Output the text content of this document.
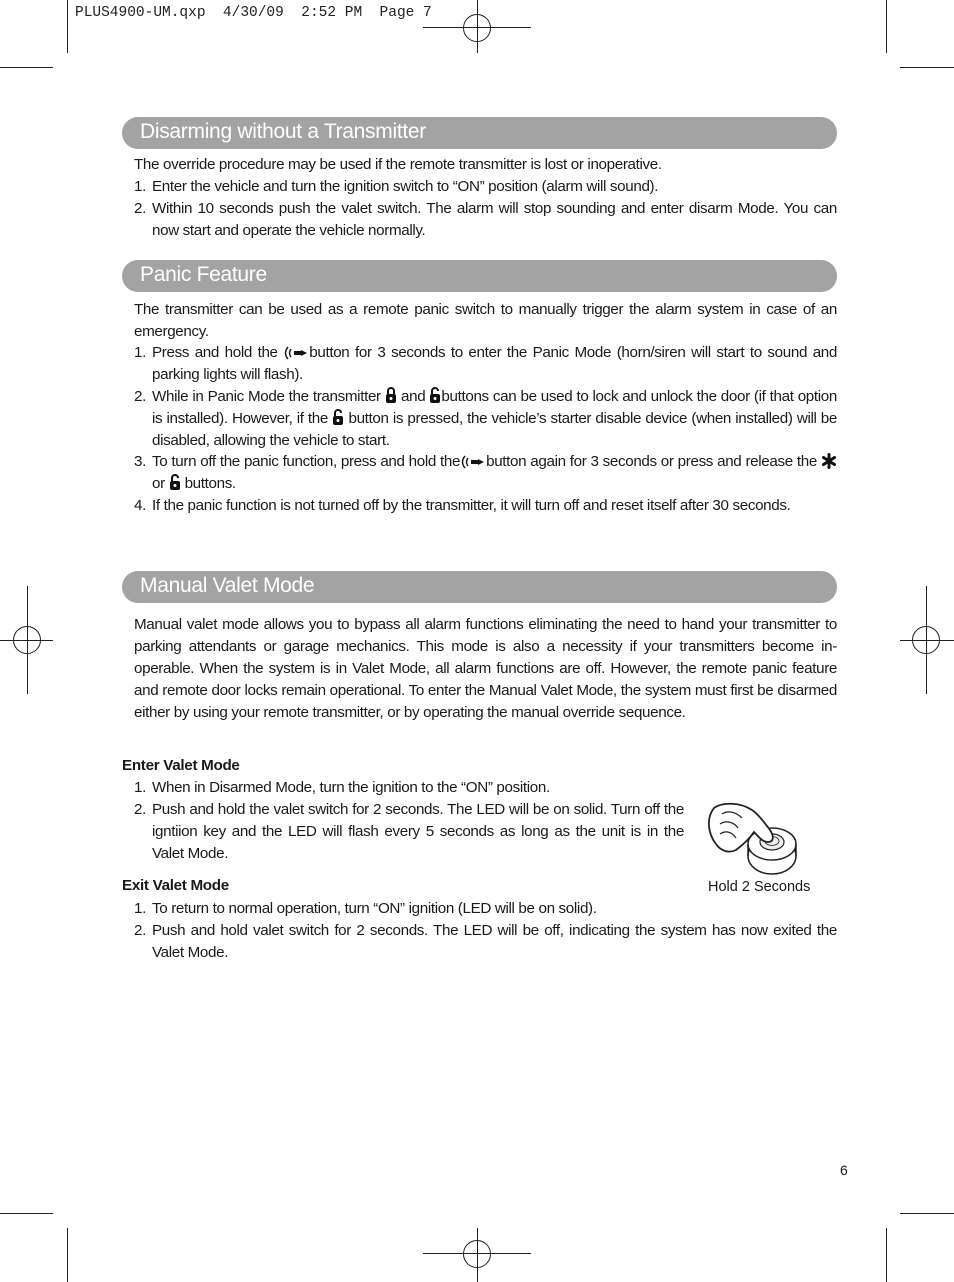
PLUS4900-UM.qxp  4/30/09  2:52 PM  Page 7
Disarming without a Transmitter
The override procedure may be used if the remote transmitter is lost or inoperative.
1. Enter the vehicle and turn the ignition switch to “ON” position (alarm will sound).
2. Within 10 seconds push the valet switch. The alarm will stop sounding and enter disarm Mode. You can now start and operate the vehicle normally.
Panic Feature
The transmitter can be used as a remote panic switch to manually trigger the alarm system in case of an emergency.
1. Press and hold the button for 3 seconds to enter the Panic Mode (horn/siren will start to sound and parking lights will flash).
2. While in Panic Mode the transmitter and buttons can be used to lock and unlock the door (if that option is installed). However, if the button is pressed, the vehicle’s starter disable device (when installed) will be disabled, allowing the vehicle to start.
3. To turn off the panic function, press and hold the button again for 3 seconds or press and release the  or buttons.
4. If the panic function is not turned off by the transmitter, it will turn off and reset itself after 30 seconds.
Manual Valet Mode
Manual valet mode allows you to bypass all alarm functions eliminating the need to hand your transmitter to parking attendants or garage mechanics. This mode is also a necessity if your transmitters become in-operable. When the system is in Valet Mode, all alarm functions are off. However, the remote panic feature and remote door locks remain operational. To enter the Manual Valet Mode, the system must first be disarmed either by using your remote transmitter, or by operating the manual override sequence.
Enter Valet Mode
1. When in Disarmed Mode, turn the ignition to the “ON” position.
2. Push and hold the valet switch for 2 seconds. The LED will be on solid. Turn off the igntiion key and the LED will flash every 5 seconds as long as the unit is in the Valet Mode.
Hold 2 Seconds
Exit Valet Mode
1. To return to normal operation, turn “ON” ignition (LED will be on solid).
2. Push and hold valet switch for 2 seconds. The LED will be off, indicating the system has now exited the Valet Mode.
6
